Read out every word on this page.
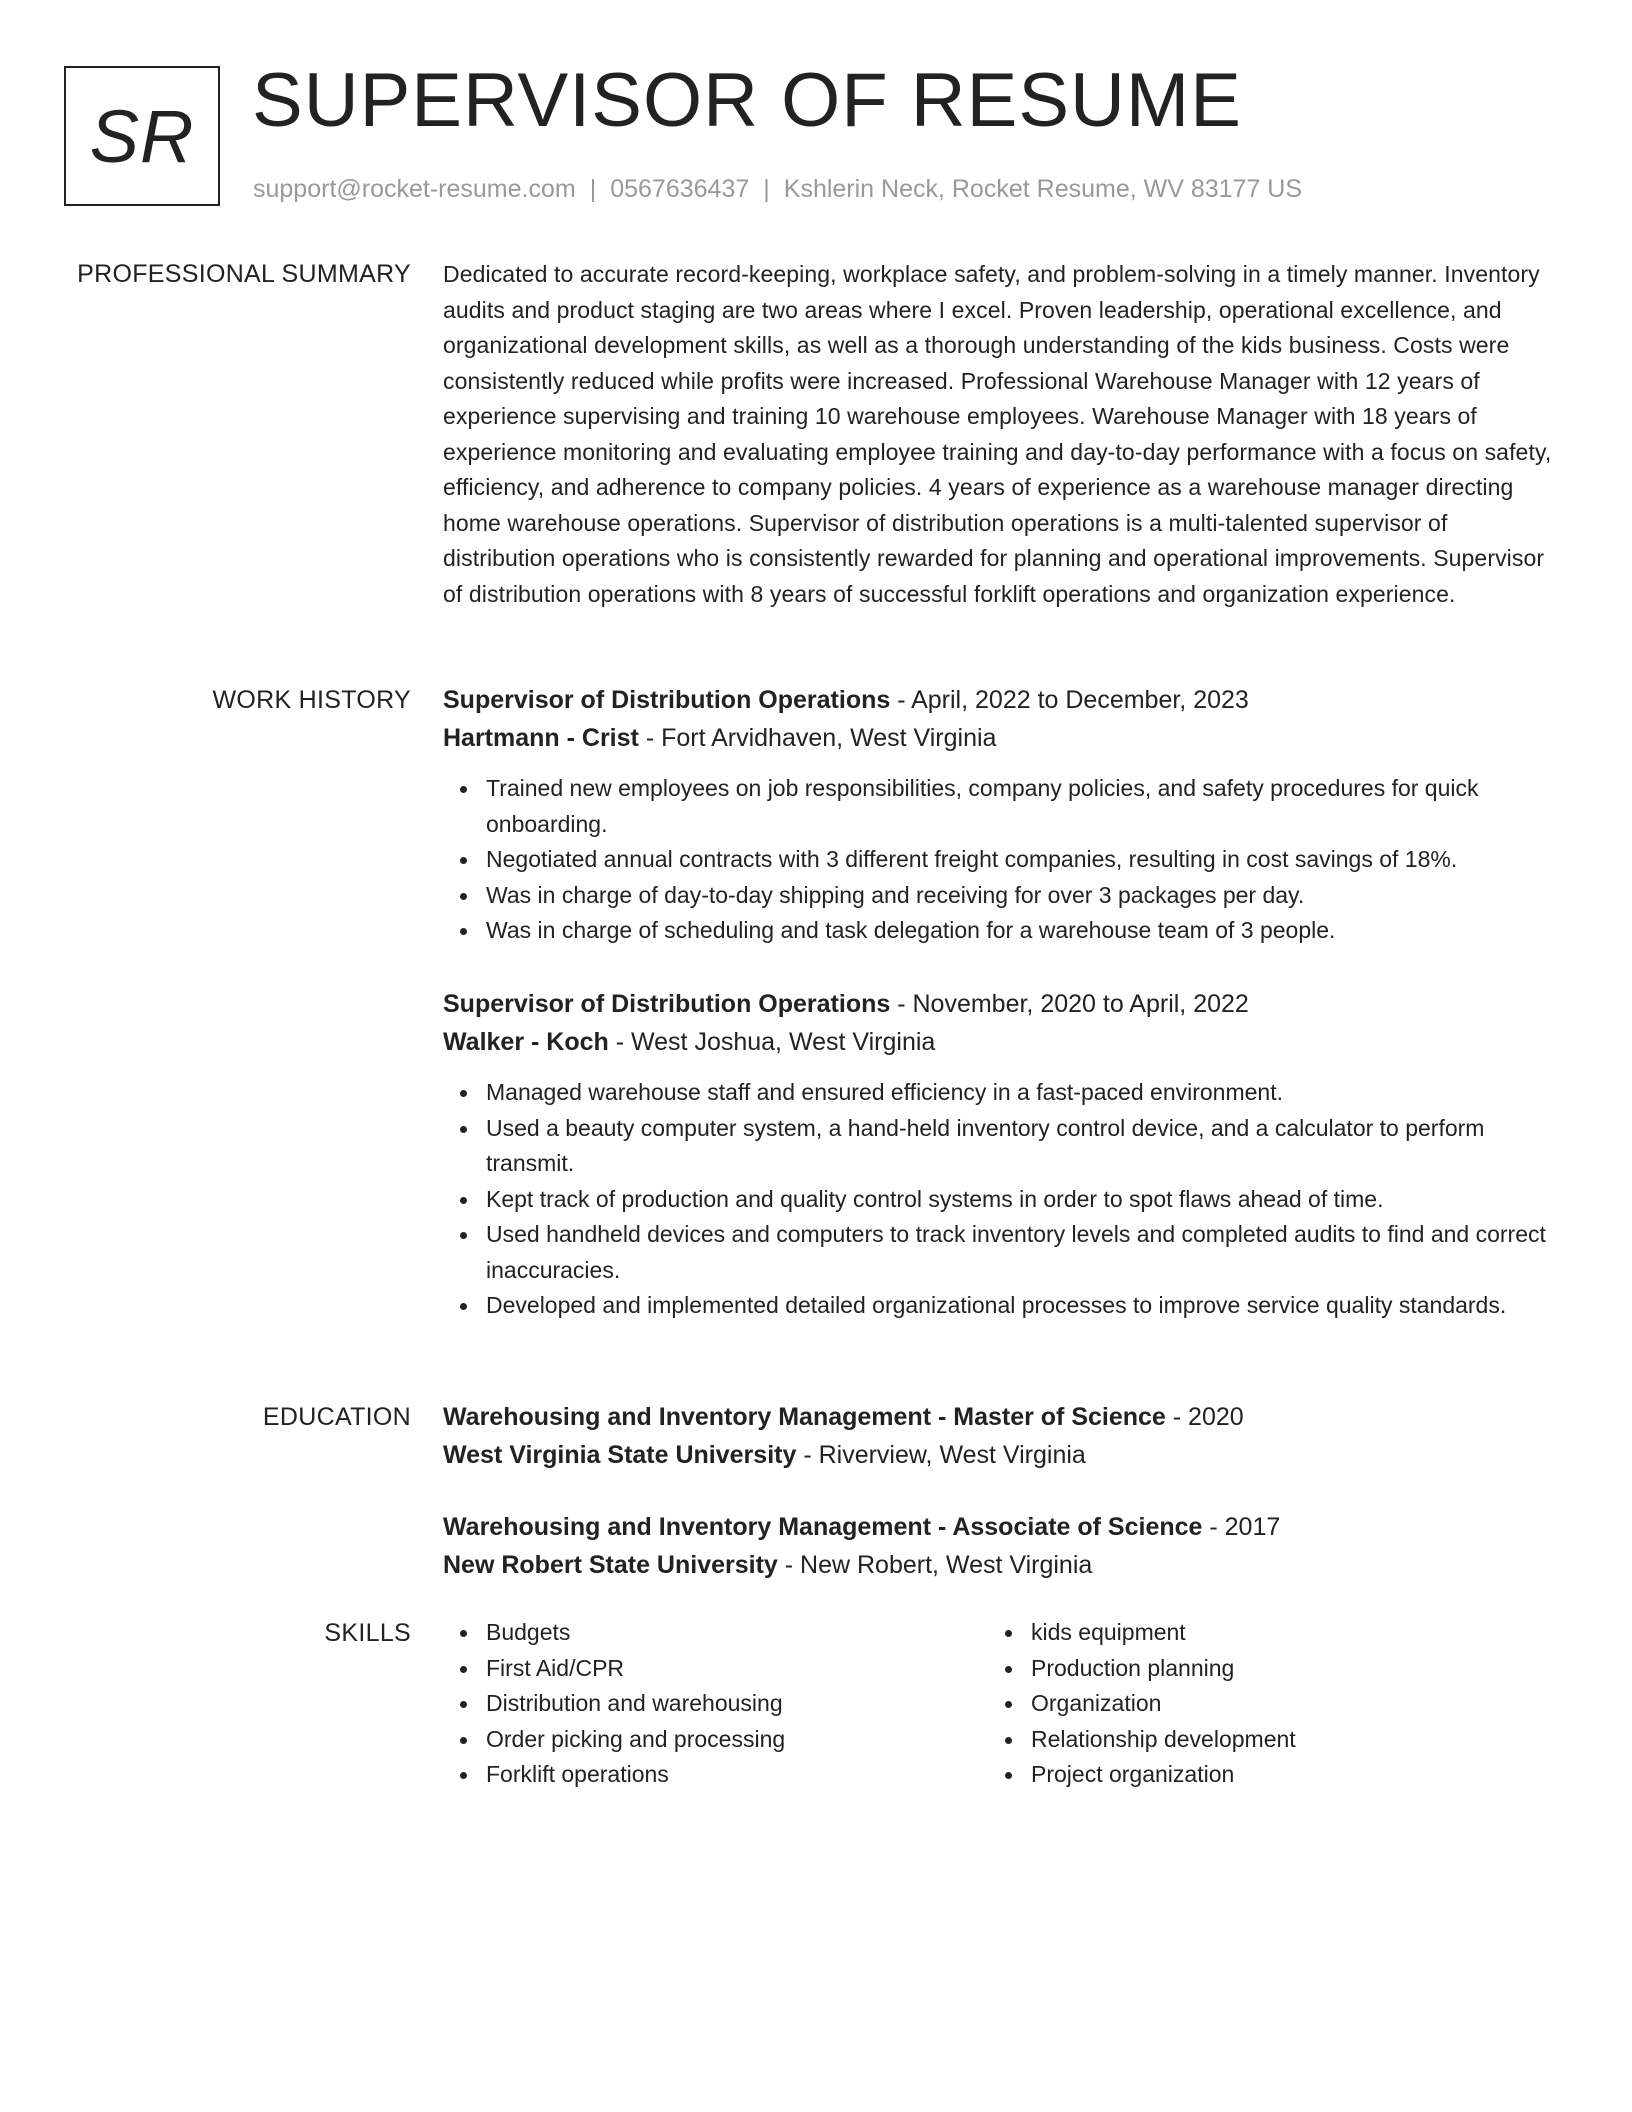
SR SUPERVISOR OF RESUME
support@rocket-resume.com | 0567636437 | Kshlerin Neck, Rocket Resume, WV 83177 US
PROFESSIONAL SUMMARY Dedicated to accurate record-keeping, workplace safety, and problem-solving in a timely manner. Inventory audits and product staging are two areas where I excel. Proven leadership, operational excellence, and organizational development skills, as well as a thorough understanding of the kids business. Costs were consistently reduced while profits were increased. Professional Warehouse Manager with 12 years of experience supervising and training 10 warehouse employees. Warehouse Manager with 18 years of experience monitoring and evaluating employee training and day-to-day performance with a focus on safety, efficiency, and adherence to company policies. 4 years of experience as a warehouse manager directing home warehouse operations. Supervisor of distribution operations is a multi-talented supervisor of distribution operations who is consistently rewarded for planning and operational improvements. Supervisor of distribution operations with 8 years of successful forklift operations and organization experience.
WORK HISTORY Supervisor of Distribution Operations - April, 2022 to December, 2023
Hartmann - Crist - Fort Arvidhaven, West Virginia
Trained new employees on job responsibilities, company policies, and safety procedures for quick onboarding.
Negotiated annual contracts with 3 different freight companies, resulting in cost savings of 18%.
Was in charge of day-to-day shipping and receiving for over 3 packages per day.
Was in charge of scheduling and task delegation for a warehouse team of 3 people.
Supervisor of Distribution Operations - November, 2020 to April, 2022
Walker - Koch - West Joshua, West Virginia
Managed warehouse staff and ensured efficiency in a fast-paced environment.
Used a beauty computer system, a hand-held inventory control device, and a calculator to perform transmit.
Kept track of production and quality control systems in order to spot flaws ahead of time.
Used handheld devices and computers to track inventory levels and completed audits to find and correct inaccuracies.
Developed and implemented detailed organizational processes to improve service quality standards.
EDUCATION Warehousing and Inventory Management - Master of Science - 2020
West Virginia State University - Riverview, West Virginia
Warehousing and Inventory Management - Associate of Science - 2017
New Robert State University - New Robert, West Virginia
SKILLS	Budgets
First Aid/CPR
Distribution and warehousing
Order picking and processing
Forklift operations
kids equipment
Production planning
Organization
Relationship development
Project organization
